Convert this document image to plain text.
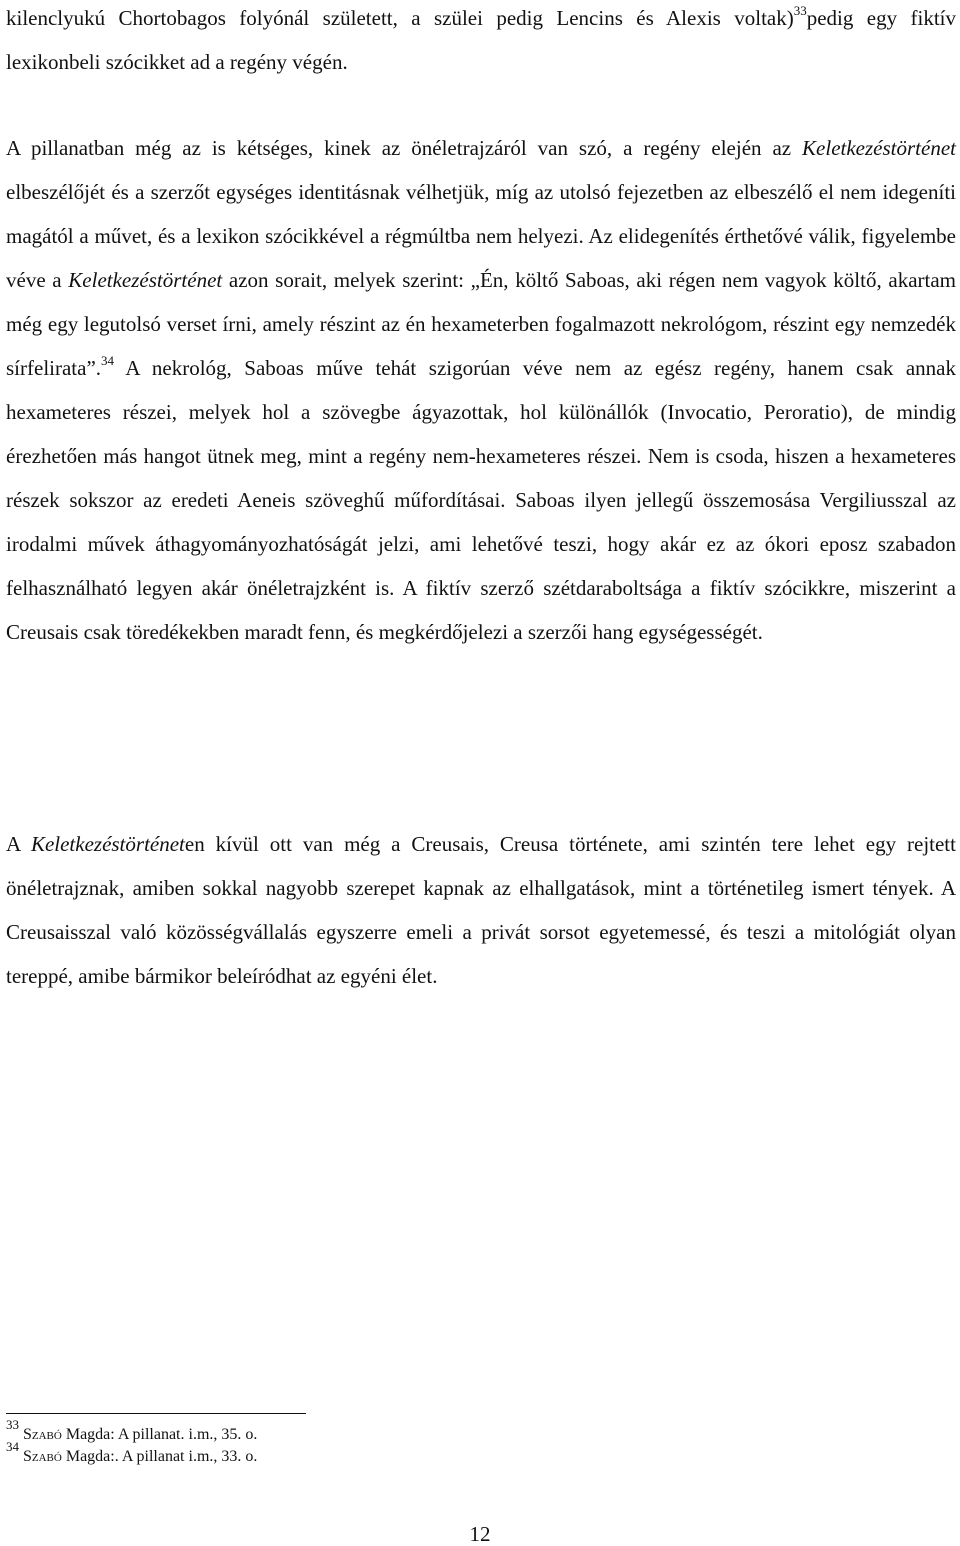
kilenclyukú Chortobagos folyónál született, a szülei pedig Lencins és Alexis voltak)$^{33}$pedig egy fiktív lexikonbeli szócikket ad a regény végén.

A pillanatban még az is kétséges, kinek az önéletrajzáról van szó, a regény elején az Keletkezéstörténet elbeszélőjét és a szerzőt egységes identitásnak vélhetjük, míg az utolsó fejezetben az elbeszélő el nem idegeníti magától a művet, és a lexikon szócikkével a régmúltba nem helyezi. Az elidegenítés érthetővé válik, figyelembe véve a Keletkezéstörténet azon sorait, melyek szerint: „Én, költő Saboas, aki régen nem vagyok költő, akartam még egy legutolsó verset írni, amely részint az én hexameterben fogalmazott nekrológom, részint egy nemzedék sírfelirata”.$^{34}$ A nekrológ, Saboas műve tehát szigorúan véve nem az egész regény, hanem csak annak hexameteres részei, melyek hol a szövegbe ágyazottak, hol különállók (Invocatio, Peroratio), de mindig érezhetően más hangot ütnek meg, mint a regény nem-hexameteres részei. Nem is csoda, hiszen a hexameteres részek sokszor az eredeti Aeneis szöveghű műfordításai. Saboas ilyen jellegű összemosása Vergiliusszal az irodalmi művek áthagyományozhatóságát jelzi, ami lehetővé teszi, hogy akár ez az ókori eposz szabadon felhasználható legyen akár önéletrajzként is. A fiktív szerző szétdaraboltsága a fiktív szócikkre, miszerint a Creusais csak töredékekben maradt fenn, és megkérdőjelezi a szerzői hang egységességét.

A Keletkezéstörténeten kívül ott van még a Creusais, Creusa története, ami szintén tere lehet egy rejtett önéletrajznak, amiben sokkal nagyobb szerepet kapnak az elhallgatások, mint a történetileg ismert tények. A Creusaisszal való közösségvállalás egyszerre emeli a privát sorsot egyetemessé, és teszi a mitológiát olyan tereppé, amibe bármikor beleíródhat az egyéni élet.

$^{33}$ Szabó Magda: A pillanat. i.m., 35. o.

$^{34}$ Szabó Magda:. A pillanat i.m., 33. o.

12
